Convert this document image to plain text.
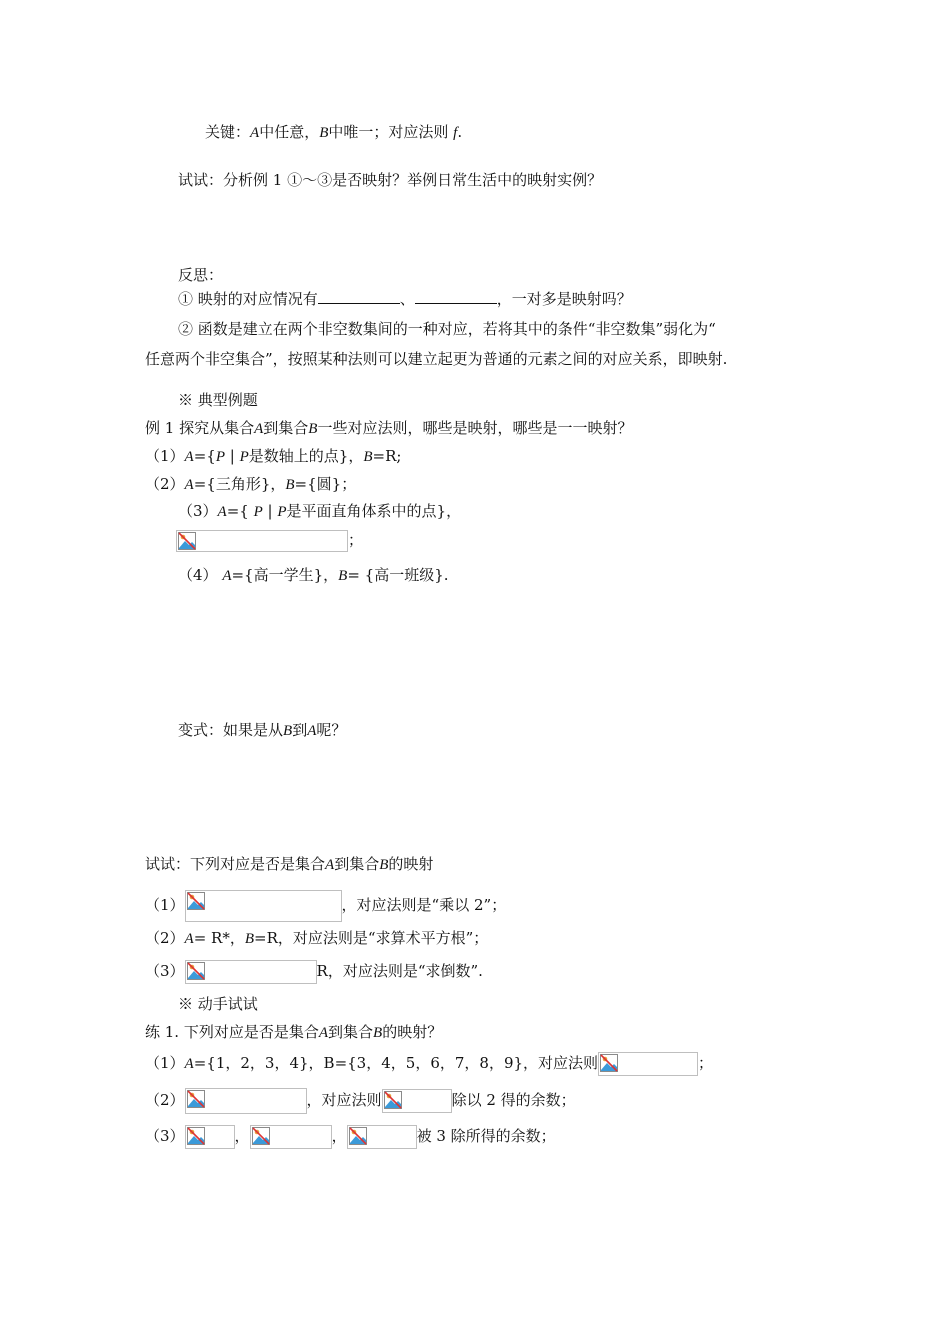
关键：A中任意，B中唯一；对应法则 f.
试试：分析例 1 ①～③是否映射？举例日常生活中的映射实例？
反思：
① 映射的对应情况有	、	，一对多是映射吗？
② 函数是建立在两个非空数集间的一种对应，若将其中的条件“非空数集”弱化为“
任意两个非空集合”，按照某种法则可以建立起更为普通的元素之间的对应关系，即映射.
※ 典型例题
例 1 探究从集合A到集合B一些对应法则，哪些是映射，哪些是一一映射？
（1）A={P | P是数轴上的点}，B=R;
（2）A={三角形}，B={圆}；
（3）A={ P | P是平面直角体系中的点}，
；
（4） A={高一学生}，B= {高一班级}.
变式：如果是从B到A呢？
试试：下列对应是否是集合A到集合B的映射
（1）	，对应法则是“乘以 2”；
（2）A= R*，B=R，对应法则是“求算术平方根”；
（3）	R，对应法则是“求倒数”.
※ 动手试试
练 1. 下列对应是否是集合A到集合B的映射？
（1）A={1，2，3，4}，B={3，4，5，6，7，8，9}，对应法则	；
（2）	，对应法则	除以 2 得的余数；
（3）	，	，	被 3 除所得的余数；
